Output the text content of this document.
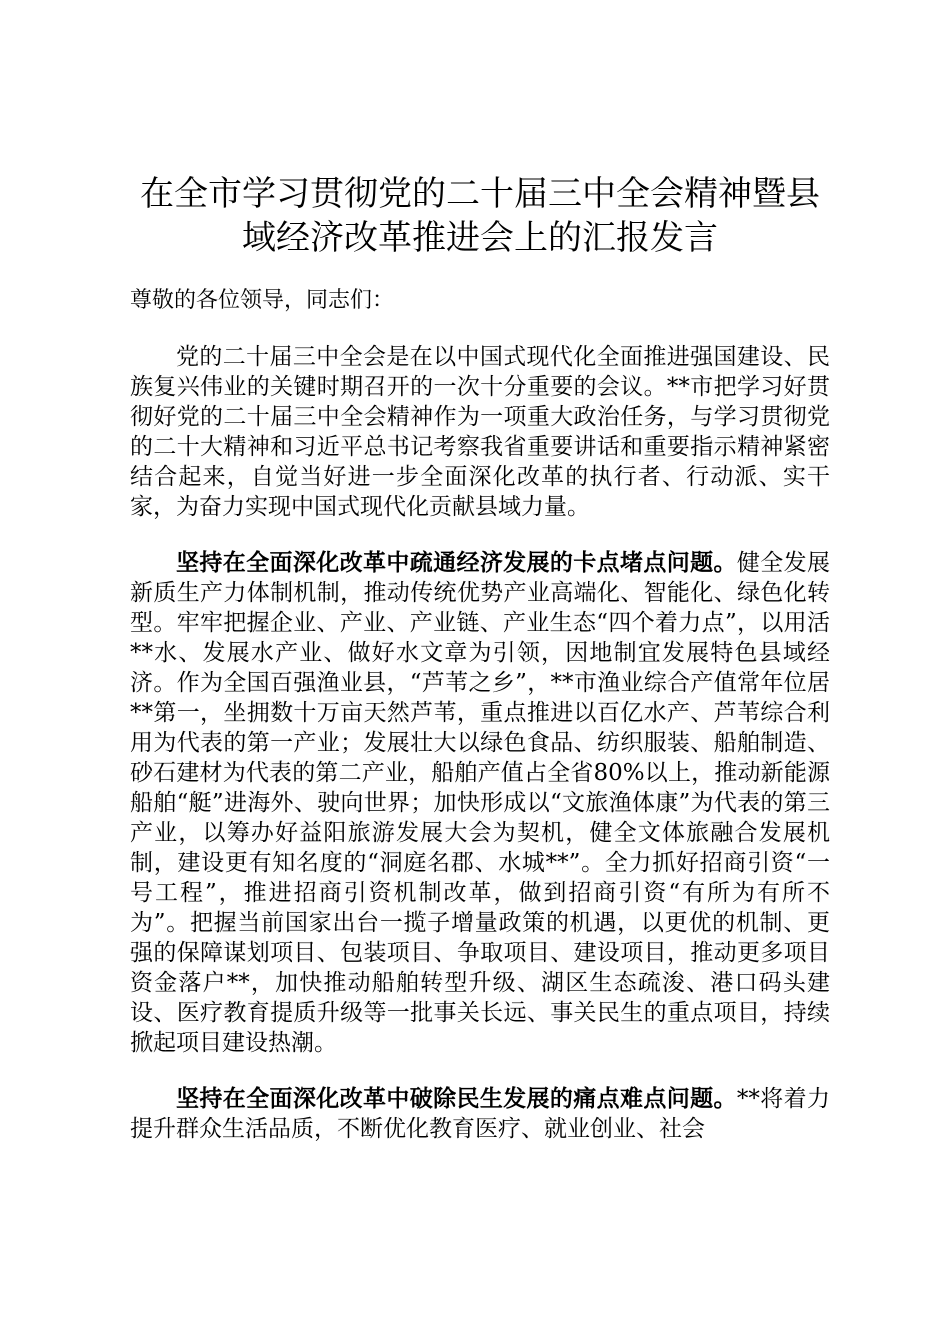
在全市学习贯彻党的二十届三中全会精神暨县
域经济改革推进会上的汇报发言

尊敬的各位领导，同志们：

党的二十届三中全会是在以中国式现代化全面推进强国建设、民族复兴伟业的关键时期召开的一次十分重要的会议。**市把学习好贯彻好党的二十届三中全会精神作为一项重大政治任务，与学习贯彻党的二十大精神和习近平总书记考察我省重要讲话和重要指示精神紧密结合起来，自觉当好进一步全面深化改革的执行者、行动派、实干家，为奋力实现中国式现代化贡献县域力量。

坚持在全面深化改革中疏通经济发展的卡点堵点问题。健全发展新质生产力体制机制，推动传统优势产业高端化、智能化、绿色化转型。牢牢把握企业、产业、产业链、产业生态“四个着力点”，以用活**水、发展水产业、做好水文章为引领，因地制宜发展特色县域经济。作为全国百强渔业县，“芦苇之乡”，**市渔业综合产值常年位居**第一，坐拥数十万亩天然芦苇，重点推进以百亿水产、芦苇综合利用为代表的第一产业；发展壮大以绿色食品、纺织服装、船舶制造、砂石建材为代表的第二产业，船舶产值占全省80%以上，推动新能源船舶“艇”进海外、驶向世界；加快形成以“文旅渔体康”为代表的第三产业，以筹办好益阳旅游发展大会为契机，健全文体旅融合发展机制，建设更有知名度的“洞庭名郡、水城**”。全力抓好招商引资“一号工程”，推进招商引资机制改革，做到招商引资“有所为有所不为”。把握当前国家出台一揽子增量政策的机遇，以更优的机制、更强的保障谋划项目、包装项目、争取项目、建设项目，推动更多项目资金落户**，加快推动船舶转型升级、湖区生态疏浚、港口码头建设、医疗教育提质升级等一批事关长远、事关民生的重点项目，持续掀起项目建设热潮。

坚持在全面深化改革中破除民生发展的痛点难点问题。**将着力提升群众生活品质，不断优化教育医疗、就业创业、社会
